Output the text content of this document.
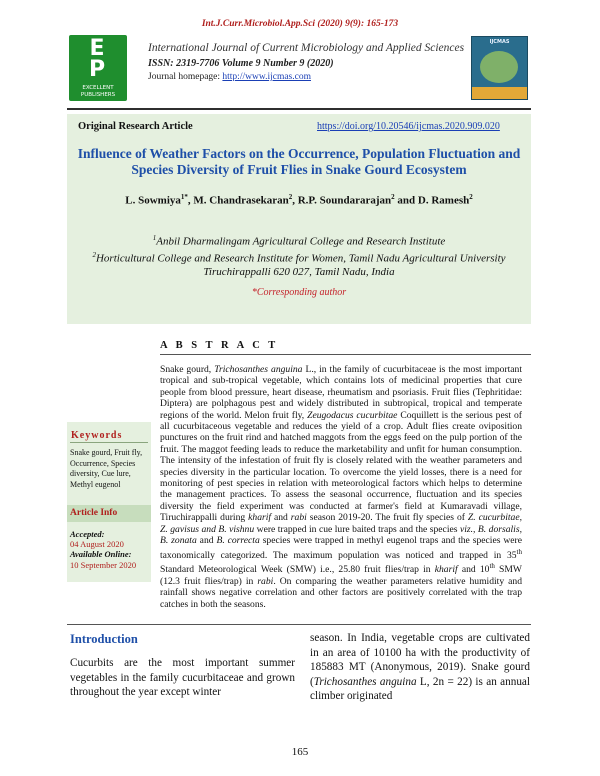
Int.J.Curr.Microbiol.App.Sci (2020) 9(9): 165-173
E
P
EXCELLENT
PUBLISHERS
IJCMAS
International Journal of Current Microbiology and Applied Sciences
ISSN: 2319-7706 Volume 9 Number 9 (2020)
Journal homepage: http://www.ijcmas.com
Original Research Article	https://doi.org/10.20546/ijcmas.2020.909.020
Influence of Weather Factors on the Occurrence, Population Fluctuation and Species Diversity of Fruit Flies in Snake Gourd Ecosystem
L. Sowmiya$^{1*}$, M. Chandrasekaran$^2$, R.P. Soundararajan$^2$ and D. Ramesh$^2$
$^1$Anbil Dharmalingam Agricultural College and Research Institute
$^2$Horticultural College and Research Institute for Women, Tamil Nadu Agricultural University
Tiruchirappalli 620 027, Tamil Nadu, India
*Corresponding author
A B S T R A C T
Keywords
Snake gourd, Fruit fly, Occurrence, Species diversity, Cue lure, Methyl eugenol
Article Info
Accepted:
04 August 2020
Available Online:
10 September 2020
Snake gourd, Trichosanthes anguina L., in the family of cucurbitaceae is the most important tropical and sub-tropical vegetable, which contains lots of medicinal properties that cure people from blood pressure, heart disease, rheumatism and psoriasis. Fruit flies (Tephritidae: Diptera) are polphagous pest and widely distributed in subtropical, tropical and temperate regions of the world. Melon fruit fly, Zeugodacus cucurbitae Coquillett is the serious pest of all cucurbitaceous vegetable and reduces the yield of a crop. Adult flies create oviposition punctures on the fruit rind and hatched maggots from the eggs feed on the pulp portion of the fruit. The maggot feeding leads to reduce the marketability and unfit for human consumption. The intensity of the infestation of fruit fly is closely related with the weather parameters and species diversity in the particular location. To overcome the yield losses, there is a need for monitoring of pest species in relation with meteorological factors which helps to determine the management practices. To assess the seasonal occurrence, fluctuation and its species diversity the field experiment was conducted at farmer's field at Kumaravadi village, Tiruchirappalli during kharif and rabi season 2019-20. The fruit fly species of Z. cucurbitae, Z. gavisus and B. vishnu were trapped in cue lure baited traps and the species viz., B. dorsalis, B. zonata and B. correcta species were trapped in methyl eugenol traps and the species were taxonomically categorized. The maximum population was noticed and trapped in 35th Standard Meteorological Week (SMW) i.e., 25.80 fruit flies/trap in kharif and 10th SMW (12.3 fruit flies/trap) in rabi. On comparing the weather parameters relative humidity and rainfall shows negative correlation and other factors are positively correlated with the trap catches in both the seasons.
Introduction
Cucurbits are the most important summer vegetables in the family cucurbitaceae and grown throughout the year except winter
season. In India, vegetable crops are cultivated in an area of 10100 ha with the productivity of 185883 MT (Anonymous, 2019). Snake gourd (Trichosanthes anguina L, 2n = 22) is an annual climber originated
165
